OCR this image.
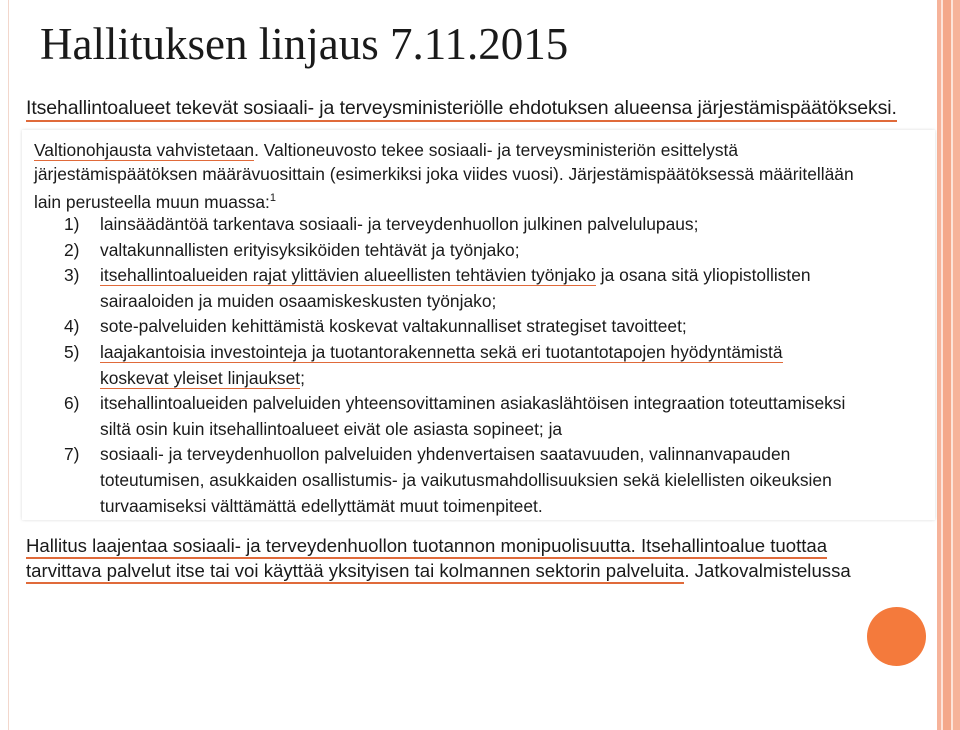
Hallituksen linjaus 7.11.2015
Itsehallintoalueet tekevät sosiaali- ja terveysministeriölle ehdotuksen alueensa järjestämispäätökseksi.
Valtionohjausta vahvistetaan. Valtioneuvosto tekee sosiaali- ja terveysministeriön esittelystä
järjestämispäätöksen määrävuosittain (esimerkiksi joka viides vuosi). Järjestämispäätöksessä määritellään
lain perusteella muun muassa:$^1$
1)	lainsäädäntöä tarkentava sosiaali- ja terveydenhuollon julkinen palvelulupaus;
2)	valtakunnallisten erityisyksiköiden tehtävät ja työnjako;
3)	itsehallintoalueiden rajat ylittävien alueellisten tehtävien työnjako ja osana sitä yliopistollisten
sairaaloiden ja muiden osaamiskeskusten työnjako;
4)	sote-palveluiden kehittämistä koskevat valtakunnalliset strategiset tavoitteet;
5)	laajakantoisia investointeja ja tuotantorakennetta sekä eri tuotantotapojen hyödyntämistä
koskevat yleiset linjaukset;
6)	itsehallintoalueiden palveluiden yhteensovittaminen asiakaslähtöisen integraation toteuttamiseksi
siltä osin kuin itsehallintoalueet eivät ole asiasta sopineet; ja
7)	sosiaali- ja terveydenhuollon palveluiden yhdenvertaisen saatavuuden, valinnanvapauden
toteutumisen, asukkaiden osallistumis- ja vaikutusmahdollisuuksien sekä kielellisten oikeuksien
turvaamiseksi välttämättä edellyttämät muut toimenpiteet.
Hallitus laajentaa sosiaali- ja terveydenhuollon tuotannon monipuolisuutta. Itsehallintoalue tuottaa
tarvittava palvelut itse tai voi käyttää yksityisen tai kolmannen sektorin palveluita. Jatkovalmistelussa
